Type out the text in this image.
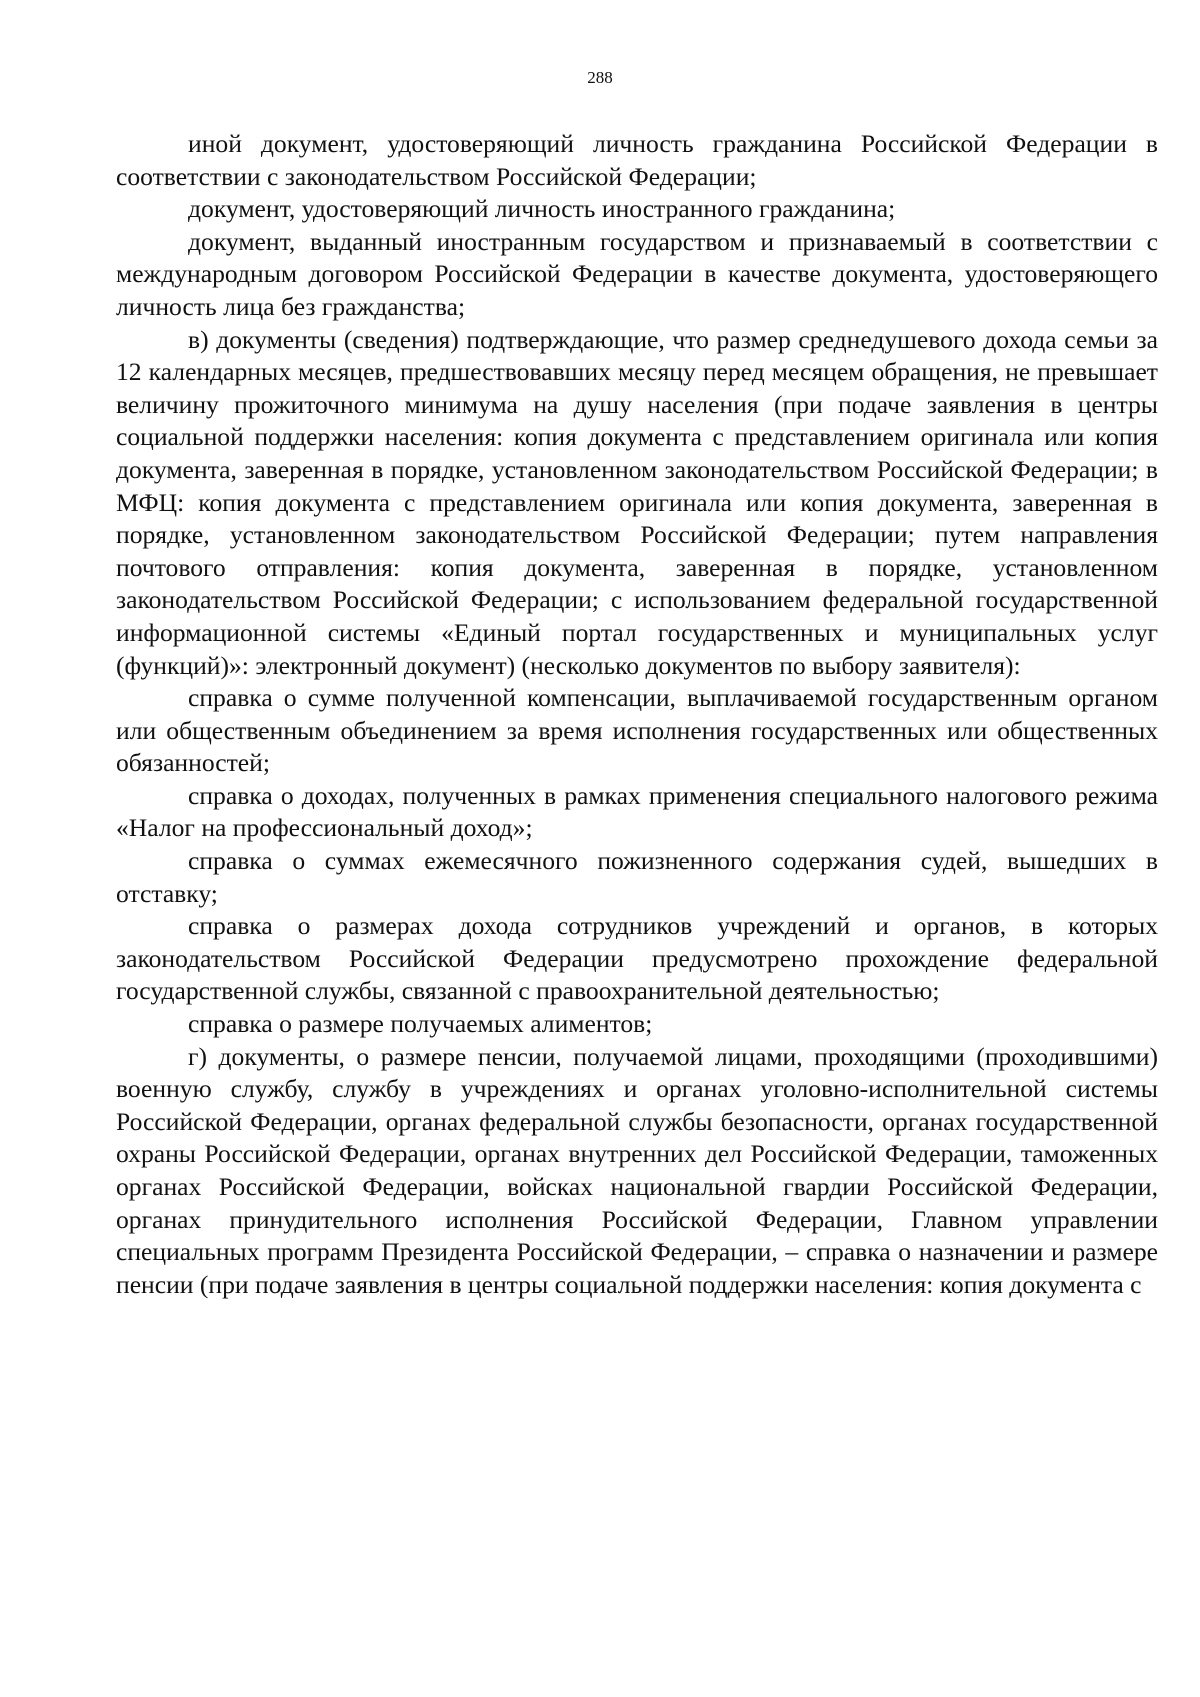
288

иной документ, удостоверяющий личность гражданина Российской Федерации в соответствии с законодательством Российской Федерации;

документ, удостоверяющий личность иностранного гражданина;

документ, выданный иностранным государством и признаваемый в соответствии с международным договором Российской Федерации в качестве документа, удостоверяющего личность лица без гражданства;

в) документы (сведения) подтверждающие, что размер среднедушевого дохода семьи за 12 календарных месяцев, предшествовавших месяцу перед месяцем обращения, не превышает величину прожиточного минимума на душу населения (при подаче заявления в центры социальной поддержки населения: копия документа с представлением оригинала или копия документа, заверенная в порядке, установленном законодательством Российской Федерации; в МФЦ: копия документа с представлением оригинала или копия документа, заверенная в порядке, установленном законодательством Российской Федерации; путем направления почтового отправления: копия документа, заверенная в порядке, установленном законодательством Российской Федерации; с использованием федеральной государственной информационной системы «Единый портал государственных и муниципальных услуг (функций)»: электронный документ) (несколько документов по выбору заявителя):

справка о сумме полученной компенсации, выплачиваемой государственным органом или общественным объединением за время исполнения государственных или общественных обязанностей;

справка о доходах, полученных в рамках применения специального налогового режима «Налог на профессиональный доход»;

справка о суммах ежемесячного пожизненного содержания судей, вышедших в отставку;

справка о размерах дохода сотрудников учреждений и органов, в которых законодательством Российской Федерации предусмотрено прохождение федеральной государственной службы, связанной с правоохранительной деятельностью;

справка о размере получаемых алиментов;

г) документы, о размере пенсии, получаемой лицами, проходящими (проходившими) военную службу, службу в учреждениях и органах уголовно-исполнительной системы Российской Федерации, органах федеральной службы безопасности, органах государственной охраны Российской Федерации, органах внутренних дел Российской Федерации, таможенных органах Российской Федерации, войсках национальной гвардии Российской Федерации, органах принудительного исполнения Российской Федерации, Главном управлении специальных программ Президента Российской Федерации, – справка о назначении и размере пенсии (при подаче заявления в центры социальной поддержки населения: копия документа с
